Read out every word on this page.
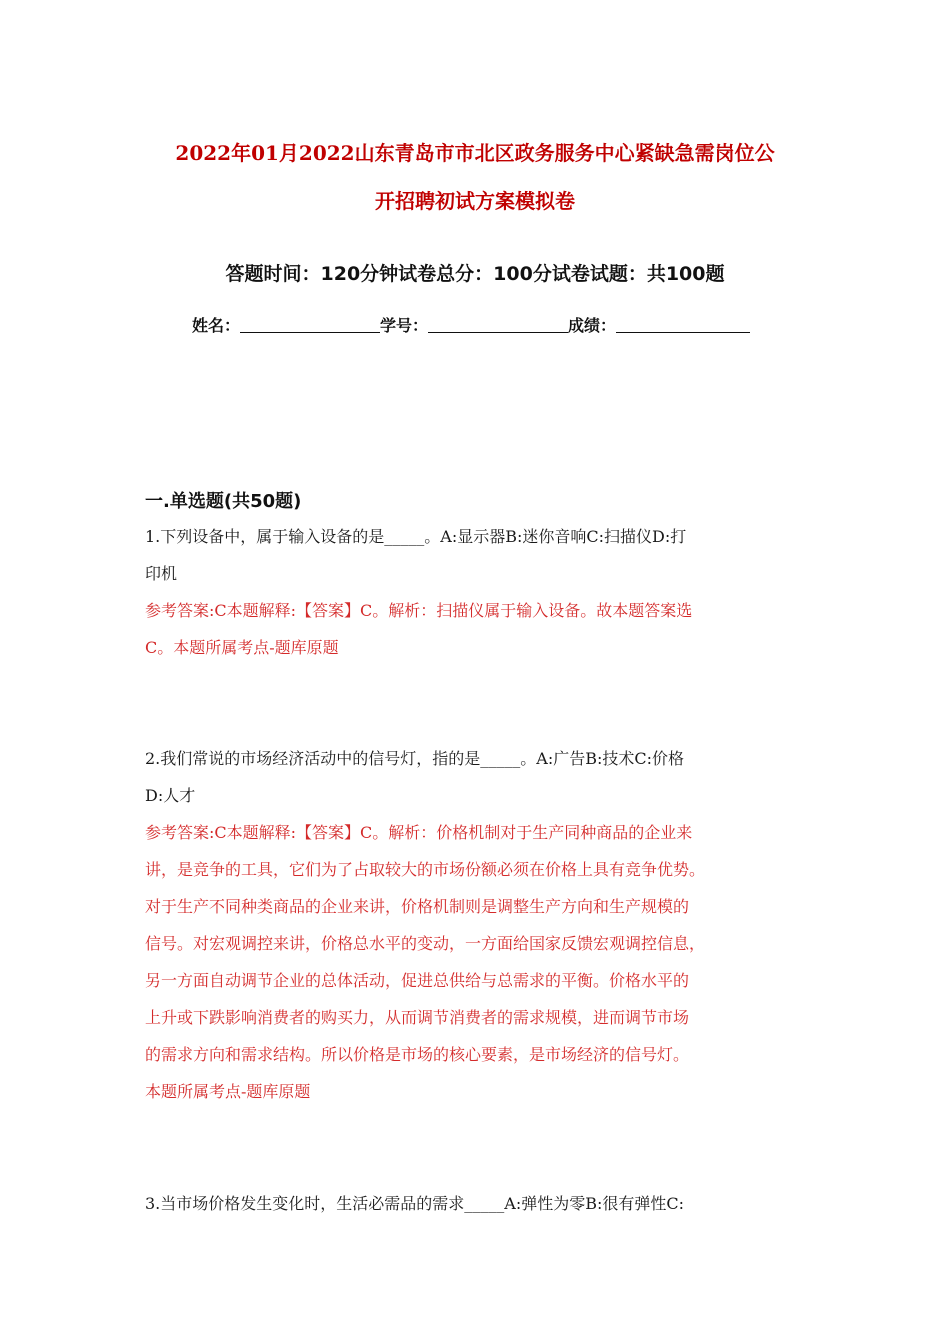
2022年01月2022山东青岛市市北区政务服务中心紧缺急需岗位公
开招聘初试方案模拟卷
答题时间：120分钟试卷总分：100分试卷试题：共100题
姓名：	学号：	成绩：
一.单选题(共50题)
1.下列设备中，属于输入设备的是_____。A:显示器B:迷你音响C:扫描仪D:打
印机
参考答案:C本题解释:【答案】C。解析：扫描仪属于输入设备。故本题答案选
C。本题所属考点-题库原题
2.我们常说的市场经济活动中的信号灯，指的是_____。A:广告B:技术C:价格
D:人才
参考答案:C本题解释:【答案】C。解析：价格机制对于生产同种商品的企业来
讲，是竞争的工具，它们为了占取较大的市场份额必须在价格上具有竞争优势。
对于生产不同种类商品的企业来讲，价格机制则是调整生产方向和生产规模的
信号。对宏观调控来讲，价格总水平的变动，一方面给国家反馈宏观调控信息，
另一方面自动调节企业的总体活动，促进总供给与总需求的平衡。价格水平的
上升或下跌影响消费者的购买力，从而调节消费者的需求规模，进而调节市场
的需求方向和需求结构。所以价格是市场的核心要素，是市场经济的信号灯。
本题所属考点-题库原题
3.当市场价格发生变化时，生活必需品的需求_____A:弹性为零B:很有弹性C:
